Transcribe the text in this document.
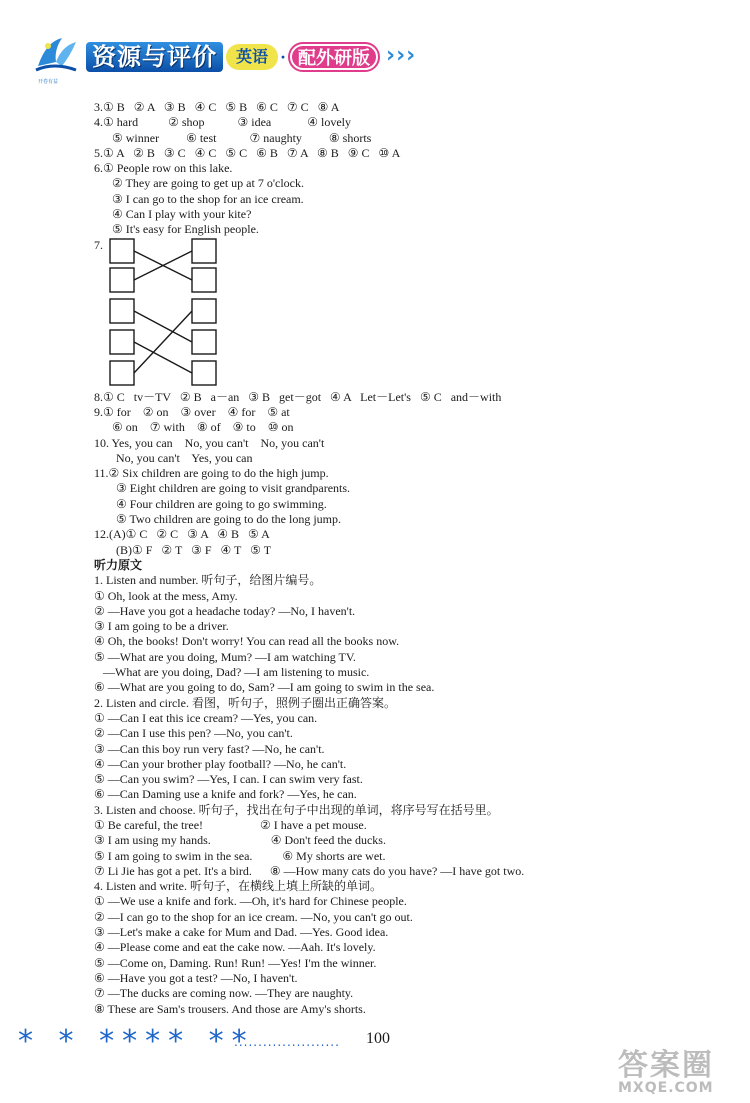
开卷有益
资源与评价	英语 · 配外研版 ›››
3.① B   ② A   ③ B   ④ C   ⑤ B   ⑥ C   ⑦ C   ⑧ A
4.① hard          ② shop           ③ idea            ④ lovely
⑤ winner         ⑥ test           ⑦ naughty         ⑧ shorts
5.① A   ② B   ③ C   ④ C   ⑤ C   ⑥ B   ⑦ A   ⑧ B   ⑨ C   ⑩ A
6.① People row on this lake.
② They are going to get up at 7 o'clock.
③ I can go to the shop for an ice cream.
④ Can I play with your kite?
⑤ It's easy for English people.
7.
8.① C   tv－TV   ② B   a－an   ③ B   get－got   ④ A   Let－Let's   ⑤ C   and－with
9.① for    ② on    ③ over    ④ for    ⑤ at
⑥ on    ⑦ with    ⑧ of    ⑨ to    ⑩ on
10. Yes, you can    No, you can't    No, you can't
No, you can't    Yes, you can
11.② Six children are going to do the high jump.
③ Eight children are going to visit grandparents.
④ Four children are going to go swimming.
⑤ Two children are going to do the long jump.
12.(A)① C   ② C   ③ A   ④ B   ⑤ A
(B)① F   ② T   ③ F   ④ T   ⑤ T
听力原文
1. Listen and number. 听句子，给图片编号。
① Oh, look at the mess, Amy.
② —Have you got a headache today? —No, I haven't.
③ I am going to be a driver.
④ Oh, the books! Don't worry! You can read all the books now.
⑤ —What are you doing, Mum? —I am watching TV.
—What are you doing, Dad? —I am listening to music.
⑥ —What are you going to do, Sam? —I am going to swim in the sea.
2. Listen and circle. 看图，听句子，照例子圈出正确答案。
① —Can I eat this ice cream? —Yes, you can.
② —Can I use this pen? —No, you can't.
③ —Can this boy run very fast? —No, he can't.
④ —Can your brother play football? —No, he can't.
⑤ —Can you swim? —Yes, I can. I can swim very fast.
⑥ —Can Daming use a knife and fork? —Yes, he can.
3. Listen and choose. 听句子，找出在句子中出现的单词，将序号写在括号里。
① Be careful, the tree!                   ② I have a pet mouse.
③ I am using my hands.                    ④ Don't feed the ducks.
⑤ I am going to swim in the sea.          ⑥ My shorts are wet.
⑦ Li Jie has got a pet. It's a bird.      ⑧ —How many cats do you have? —I have got two.
4. Listen and write. 听句子，在横线上填上所缺的单词。
① —We use a knife and fork. —Oh, it's hard for Chinese people.
② —I can go to the shop for an ice cream. —No, you can't go out.
③ —Let's make a cake for Mum and Dad. —Yes. Good idea.
④ —Please come and eat the cake now. —Aah. It's lovely.
⑤ —Come on, Daming. Run! Run! —Yes! I'm the winner.
⑥ —Have you got a test? —No, I haven't.
⑦ —The ducks are coming now. —They are naughty.
⑧ These are Sam's trousers. And those are Amy's shorts.
* * **** **
...................... 100
答案圈
MXQE.COM
